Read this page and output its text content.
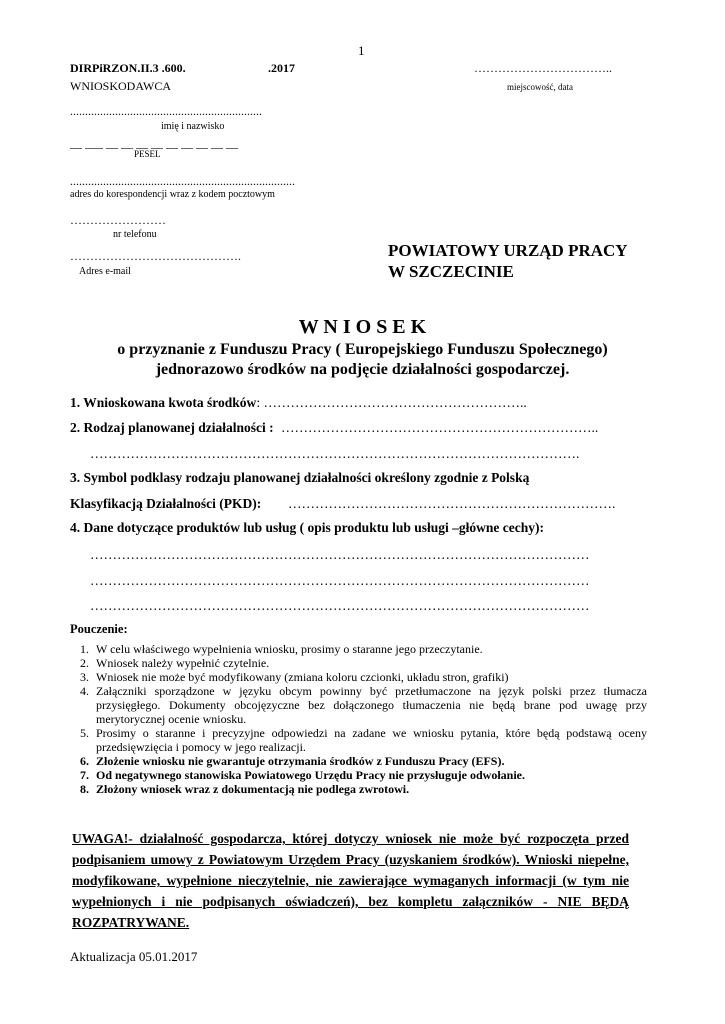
1
DIRPiRZON.II.3 .600.	.2017
WNIOSKODAWCA
……………………………..
miejscowość, data
................................................................
imię i nazwisko
__ ___ __ __ __ __ __ __ __ __ __
PESEL
...........................................................................
adres do korespondencji wraz z kodem pocztowym
……………………
nr telefonu
…………………………………….
Adres e-mail
POWIATOWY URZĄD PRACY
W SZCZECINIE
W N I O S E K
o przyznanie z Funduszu Pracy ( Europejskiego Funduszu Społecznego)
jednorazowo środków na podjęcie działalności gospodarczej.
1. Wnioskowana kwota środków: …………………………………………………..
2. Rodzaj planowanej działalności : ……………………………………………………………..
……………………………………………………………………………………………….
3. Symbol podklasy rodzaju planowanej działalności określony zgodnie z Polską
Klasyfikacją Działalności (PKD): ……………………………………………………………….
4. Dane dotyczące produktów lub usług ( opis produktu lub usługi –główne cechy):
…………………………………………………………………………………………………
…………………………………………………………………………………………………
…………………………………………………………………………………………………
Pouczenie:
1. W celu właściwego wypełnienia wniosku, prosimy o staranne jego przeczytanie.
2. Wniosek należy wypełnić czytelnie.
3. Wniosek nie może być modyfikowany (zmiana koloru czcionki, układu stron, grafiki)
4. Załączniki sporządzone w języku obcym powinny być przetłumaczone na język polski przez tłumacza przysięgłego. Dokumenty obcojęzyczne bez dołączonego tłumaczenia nie będą brane pod uwagę przy merytorycznej ocenie wniosku.
5. Prosimy o staranne i precyzyjne odpowiedzi na zadane we wniosku pytania, które będą podstawą oceny przedsięwzięcia i pomocy w jego realizacji.
6. Złożenie wniosku nie gwarantuje otrzymania środków z Funduszu Pracy (EFS).
7. Od negatywnego stanowiska Powiatowego Urzędu Pracy nie przysługuje odwołanie.
8. Złożony wniosek wraz z dokumentacją nie podlega zwrotowi.
UWAGA!- działalność gospodarcza, której dotyczy wniosek nie może być rozpoczęta przed podpisaniem umowy z Powiatowym Urzędem Pracy (uzyskaniem środków). Wnioski niepełne, modyfikowane, wypełnione nieczytelnie, nie zawierające wymaganych informacji (w tym nie wypełnionych i nie podpisanych oświadczeń), bez kompletu załączników - NIE BĘDĄ ROZPATRYWANE.
Aktualizacja 05.01.2017
